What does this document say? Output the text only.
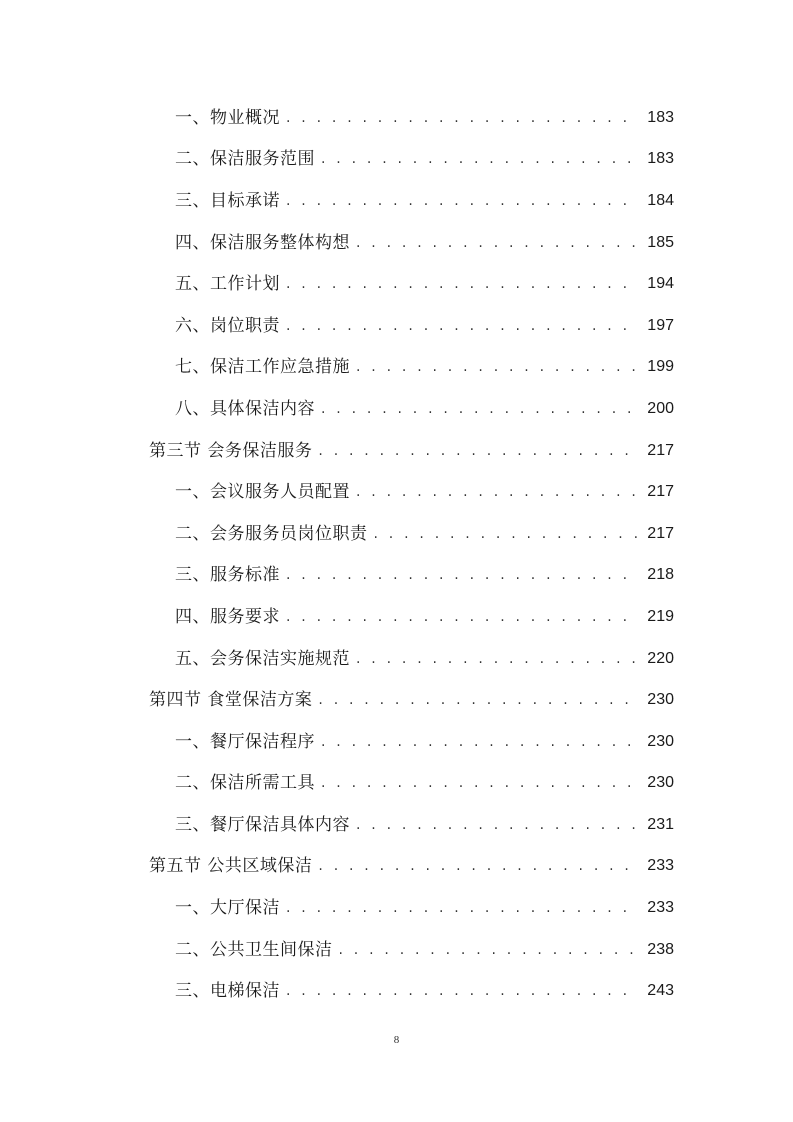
一、物业概况 . . .	183
二、保洁服务范围 . . .	183
三、目标承诺 . . .	184
四、保洁服务整体构想 . . .	185
五、工作计划 . . .	194
六、岗位职责 . . .	197
七、保洁工作应急措施 . . .	199
八、具体保洁内容 . . .	200
第三节 会务保洁服务 . . .	217
一、会议服务人员配置 . . .	217
二、会务服务员岗位职责 . . .	217
三、服务标准 . . .	218
四、服务要求 . . .	219
五、会务保洁实施规范 . . .	220
第四节 食堂保洁方案 . . .	230
一、餐厅保洁程序 . . .	230
二、保洁所需工具 . . .	230
三、餐厅保洁具体内容 . . .	231
第五节 公共区域保洁 . . .	233
一、大厅保洁 . . .	233
二、公共卫生间保洁 . . .	238
三、电梯保洁 . . .	243
8
